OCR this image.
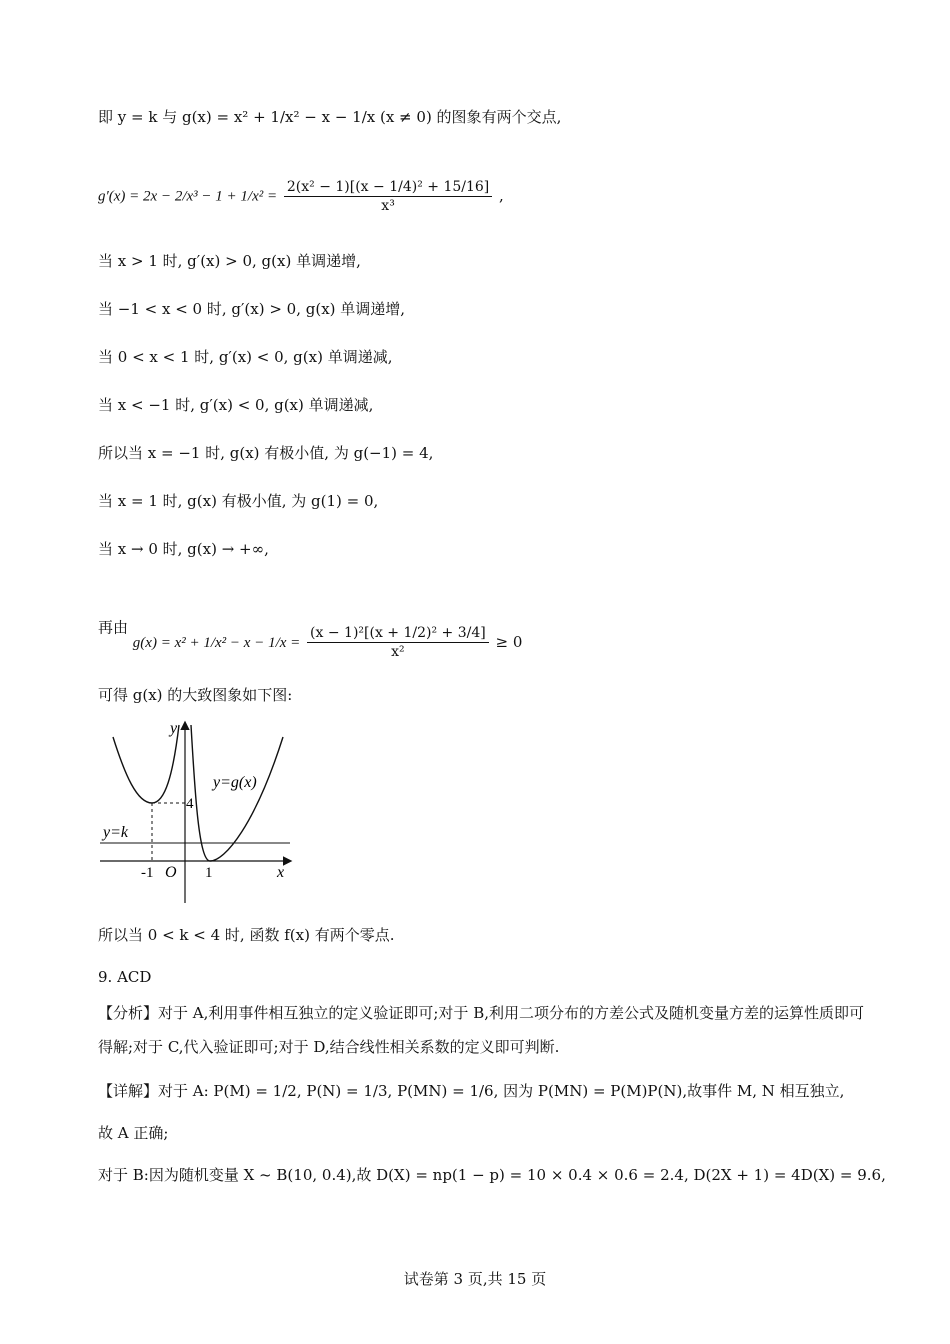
即 y = k 与 g(x) = x² + 1/x² − x − 1/x (x ≠ 0) 的图象有两个交点,
$g'(x) = 2x - 2/x^3 - 1 + 1/x^2 = \frac{\text{2(x² − 1)[(x − 1/4)² + 15/16]}}{\text{x³}}$ ,
当 x > 1 时, g′(x) > 0, g(x) 单调递增,
当 −1 < x < 0 时, g′(x) > 0, g(x) 单调递增,
当 0 < x < 1 时, g′(x) < 0, g(x) 单调递减,
当 x < −1 时, g′(x) < 0, g(x) 单调递减,
所以当 x = −1 时, g(x) 有极小值, 为 g(−1) = 4,
当 x = 1 时, g(x) 有极小值, 为 g(1) = 0,
当 x → 0 时, g(x) → +∞,
再由 $g(x) = x^2 + 1/x^2 - x - 1/x = \frac{\text{(x − 1)²[(x + 1/2)² + 3/4]}}{\text{x²}} \ge 0$
可得 g(x) 的大致图象如下图:
y
x
O
y=g(x)
y=k
4
-1	1
所以当 0 < k < 4 时, 函数 f(x) 有两个零点.
9. ACD
【分析】对于 A,利用事件相互独立的定义验证即可;对于 B,利用二项分布的方差公式及随机变量方差的运算性质即可得解;对于 C,代入验证即可;对于 D,结合线性相关系数的定义即可判断.
【详解】对于 A: P(M) = 1/2, P(N) = 1/3, P(MN) = 1/6, 因为 P(MN) = P(M)P(N),故事件 M, N 相互独立,
故 A 正确;
对于 B:因为随机变量 X ~ B(10, 0.4),故 D(X) = np(1 − p) = 10 × 0.4 × 0.6 = 2.4, D(2X + 1) = 4D(X) = 9.6,
试卷第 3 页,共 15 页
